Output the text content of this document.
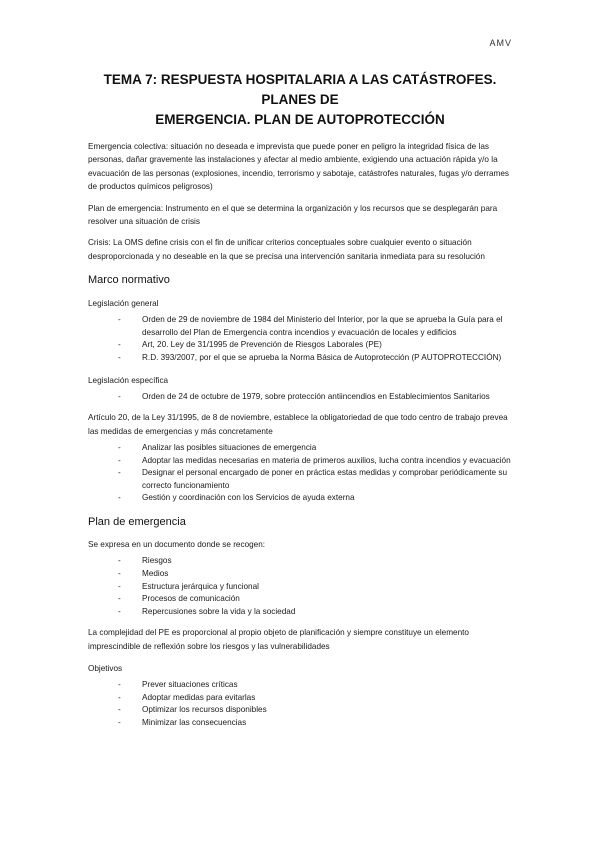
AMV
TEMA 7: RESPUESTA HOSPITALARIA A LAS CATÁSTROFES. PLANES DE
EMERGENCIA. PLAN DE AUTOPROTECCIÓN

Emergencia colectiva: situación no deseada e imprevista que puede poner en peligro la integridad física de las personas, dañar gravemente las instalaciones y afectar al medio ambiente, exigiendo una actuación rápida y/o la evacuación de las personas (explosiones, incendio, terrorismo y sabotaje, catástrofes naturales, fugas y/o derrames de productos químicos peligrosos)

Plan de emergencia: Instrumento en el que se determina la organización y los recursos que se desplegarán para resolver una situación de crisis

Crisis: La OMS define crisis con el fin de unificar criterios conceptuales sobre cualquier evento o situación desproporcionada y no deseable en la que se precisa una intervención sanitaria inmediata para su resolución

Marco normativo
Legislación general
-	Orden de 29 de noviembre de 1984 del Ministerio del Interior, por la que se aprueba la Guía para el desarrollo del Plan de Emergencia contra incendios y evacuación de locales y edificios
-	Art, 20. Ley de 31/1995 de Prevención de Riesgos Laborales (PE)
-	R.D. 393/2007, por el que se aprueba la Norma Básica de Autoprotección (P AUTOPROTECCIÓN)
Legislación específica
-	Orden de 24 de octubre de 1979, sobre protección antiincendios en Establecimientos Sanitarios

Artículo 20, de la Ley 31/1995, de 8 de noviembre, establece la obligatoriedad de que todo centro de trabajo prevea las medidas de emergencias y más concretamente

-	Analizar las posibles situaciones de emergencia
-	Adoptar las medidas necesarias en materia de primeros auxilios, lucha contra incendios y evacuación
-	Designar el personal encargado de poner en práctica estas medidas y comprobar periódicamente su correcto funcionamiento
-	Gestión y coordinación con los Servicios de ayuda externa
Plan de emergencia

Se expresa en un documento donde se recogen:

-	Riesgos
-	Medios
-	Estructura jerárquica y funcional
-	Procesos de comunicación
-	Repercusiones sobre la vida y la sociedad

La complejidad del PE es proporcional al propio objeto de planificación y siempre constituye un elemento imprescindible de reflexión sobre los riesgos y las vulnerabilidades

Objetivos
-	Prever situaciones críticas
-	Adoptar medidas para evitarlas
-	Optimizar los recursos disponibles
-	Minimizar las consecuencias
